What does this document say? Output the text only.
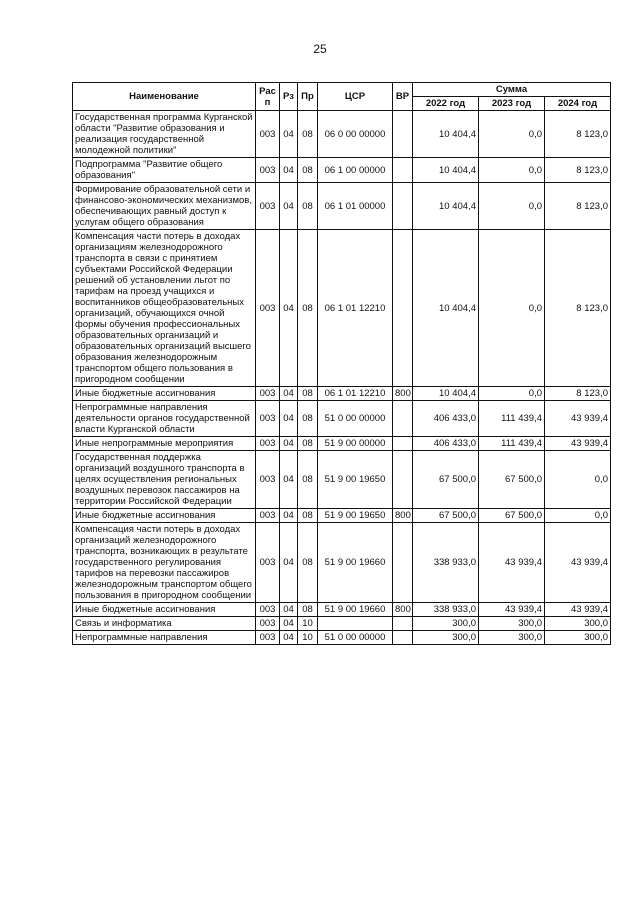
25
Наименование	Рас п	Рз	Пр	ЦСР	ВР	Сумма		
						2022 год	2023 год	2024 год
Государственная программа Курганской области "Развитие образования и реализация государственной молодежной политики"	003	04	08	06 0 00 00000		10 404,4	0,0	8 123,0
Подпрограмма "Развитие общего образования"	003	04	08	06 1 00 00000		10 404,4	0,0	8 123,0
Формирование образовательной сети и финансово-экономических механизмов, обеспечивающих равный доступ к услугам общего образования	003	04	08	06 1 01 00000		10 404,4	0,0	8 123,0
Компенсация части потерь в доходах организациям железнодорожного транспорта в связи с принятием субъектами Российской Федерации решений об установлении льгот по тарифам на проезд учащихся и воспитанников общеобразовательных организаций, обучающихся очной формы обучения профессиональных образовательных организаций и образовательных организаций высшего образования железнодорожным транспортом общего пользования в пригородном сообщении	003	04	08	06 1 01 12210		10 404,4	0,0	8 123,0
Иные бюджетные ассигнования	003	04	08	06 1 01 12210	800	10 404,4	0,0	8 123,0
Непрограммные направления деятельности органов государственной власти Курганской области	003	04	08	51 0 00 00000		406 433,0	111 439,4	43 939,4
Иные непрограммные мероприятия	003	04	08	51 9 00 00000		406 433,0	111 439,4	43 939,4
Государственная поддержка организаций воздушного транспорта в целях осуществления региональных воздушных перевозок пассажиров на территории Российской Федерации	003	04	08	51 9 00 19650		67 500,0	67 500,0	0,0
Иные бюджетные ассигнования	003	04	08	51 9 00 19650	800	67 500,0	67 500,0	0,0
Компенсация части потерь в доходах организаций железнодорожного транспорта, возникающих в результате государственного регулирования тарифов на перевозки пассажиров железнодорожным транспортом общего пользования в пригородном сообщении	003	04	08	51 9 00 19660		338 933,0	43 939,4	43 939,4
Иные бюджетные ассигнования	003	04	08	51 9 00 19660	800	338 933,0	43 939,4	43 939,4
Связь и информатика	003	04	10			300,0	300,0	300,0
Непрограммные направления	003	04	10	51 0 00 00000		300,0	300,0	300,0
